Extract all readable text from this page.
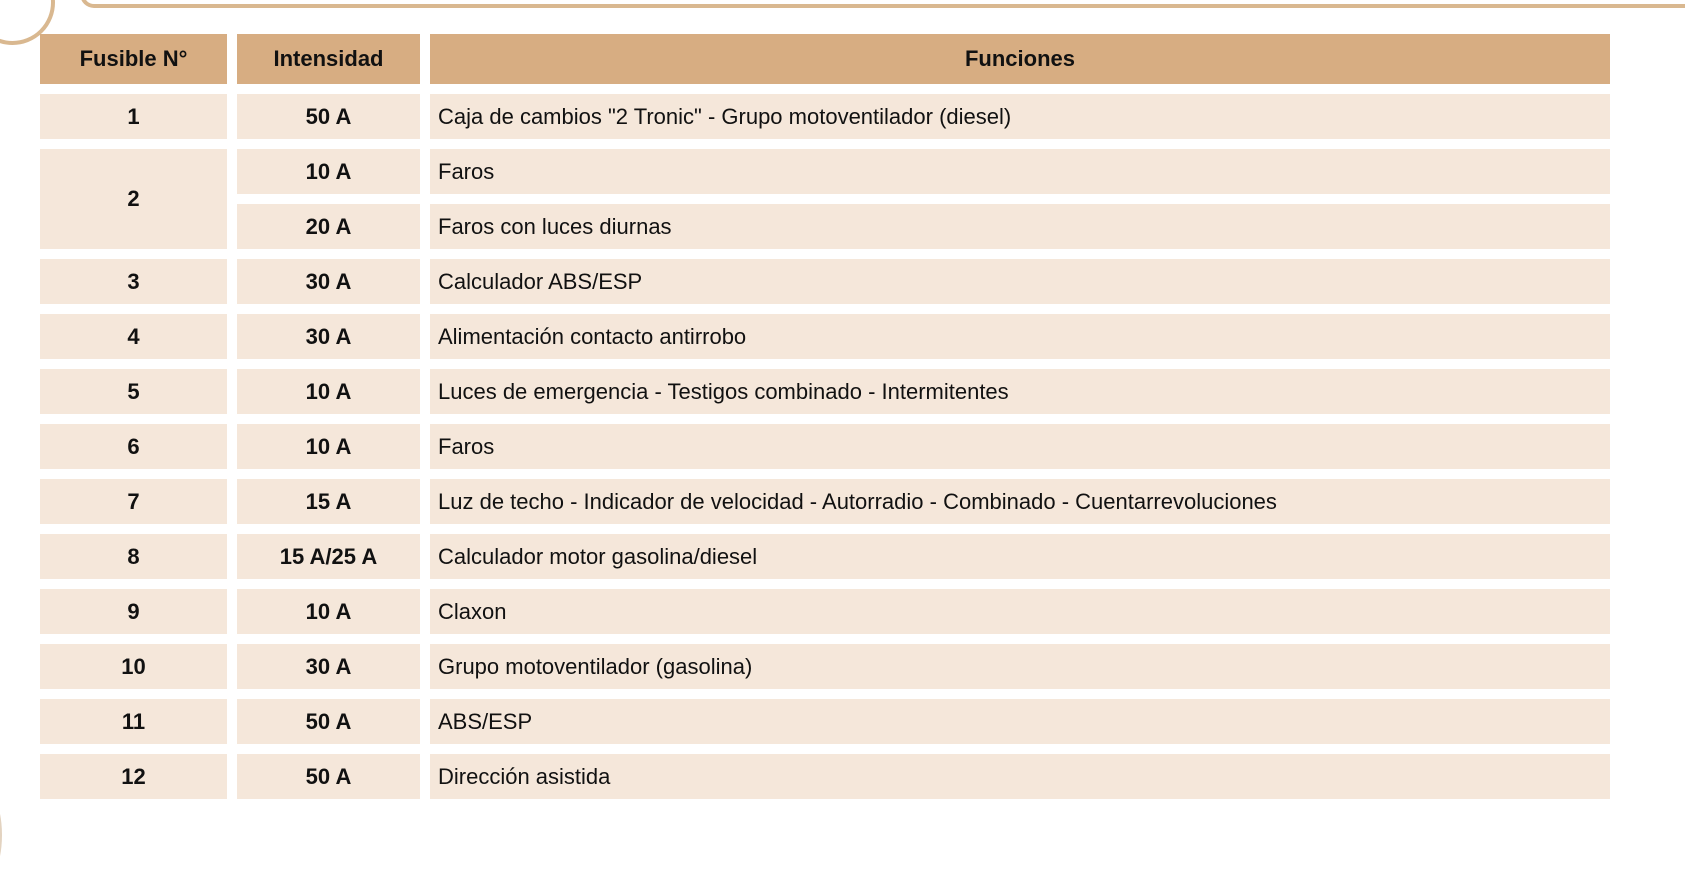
Fusible N°	Intensidad	Funciones
1	50 A	Caja de cambios "2 Tronic" - Grupo motoventilador (diesel)
2	10 A	Faros
	20 A	Faros con luces diurnas
3	30 A	Calculador ABS/ESP
4	30 A	Alimentación contacto antirrobo
5	10 A	Luces de emergencia - Testigos combinado - Intermitentes
6	10 A	Faros
7	15 A	Luz de techo - Indicador de velocidad - Autorradio - Combinado - Cuentarrevoluciones
8	15 A/25 A	Calculador motor gasolina/diesel
9	10 A	Claxon
10	30 A	Grupo motoventilador (gasolina)
11	50 A	ABS/ESP
12	50 A	Dirección asistida
